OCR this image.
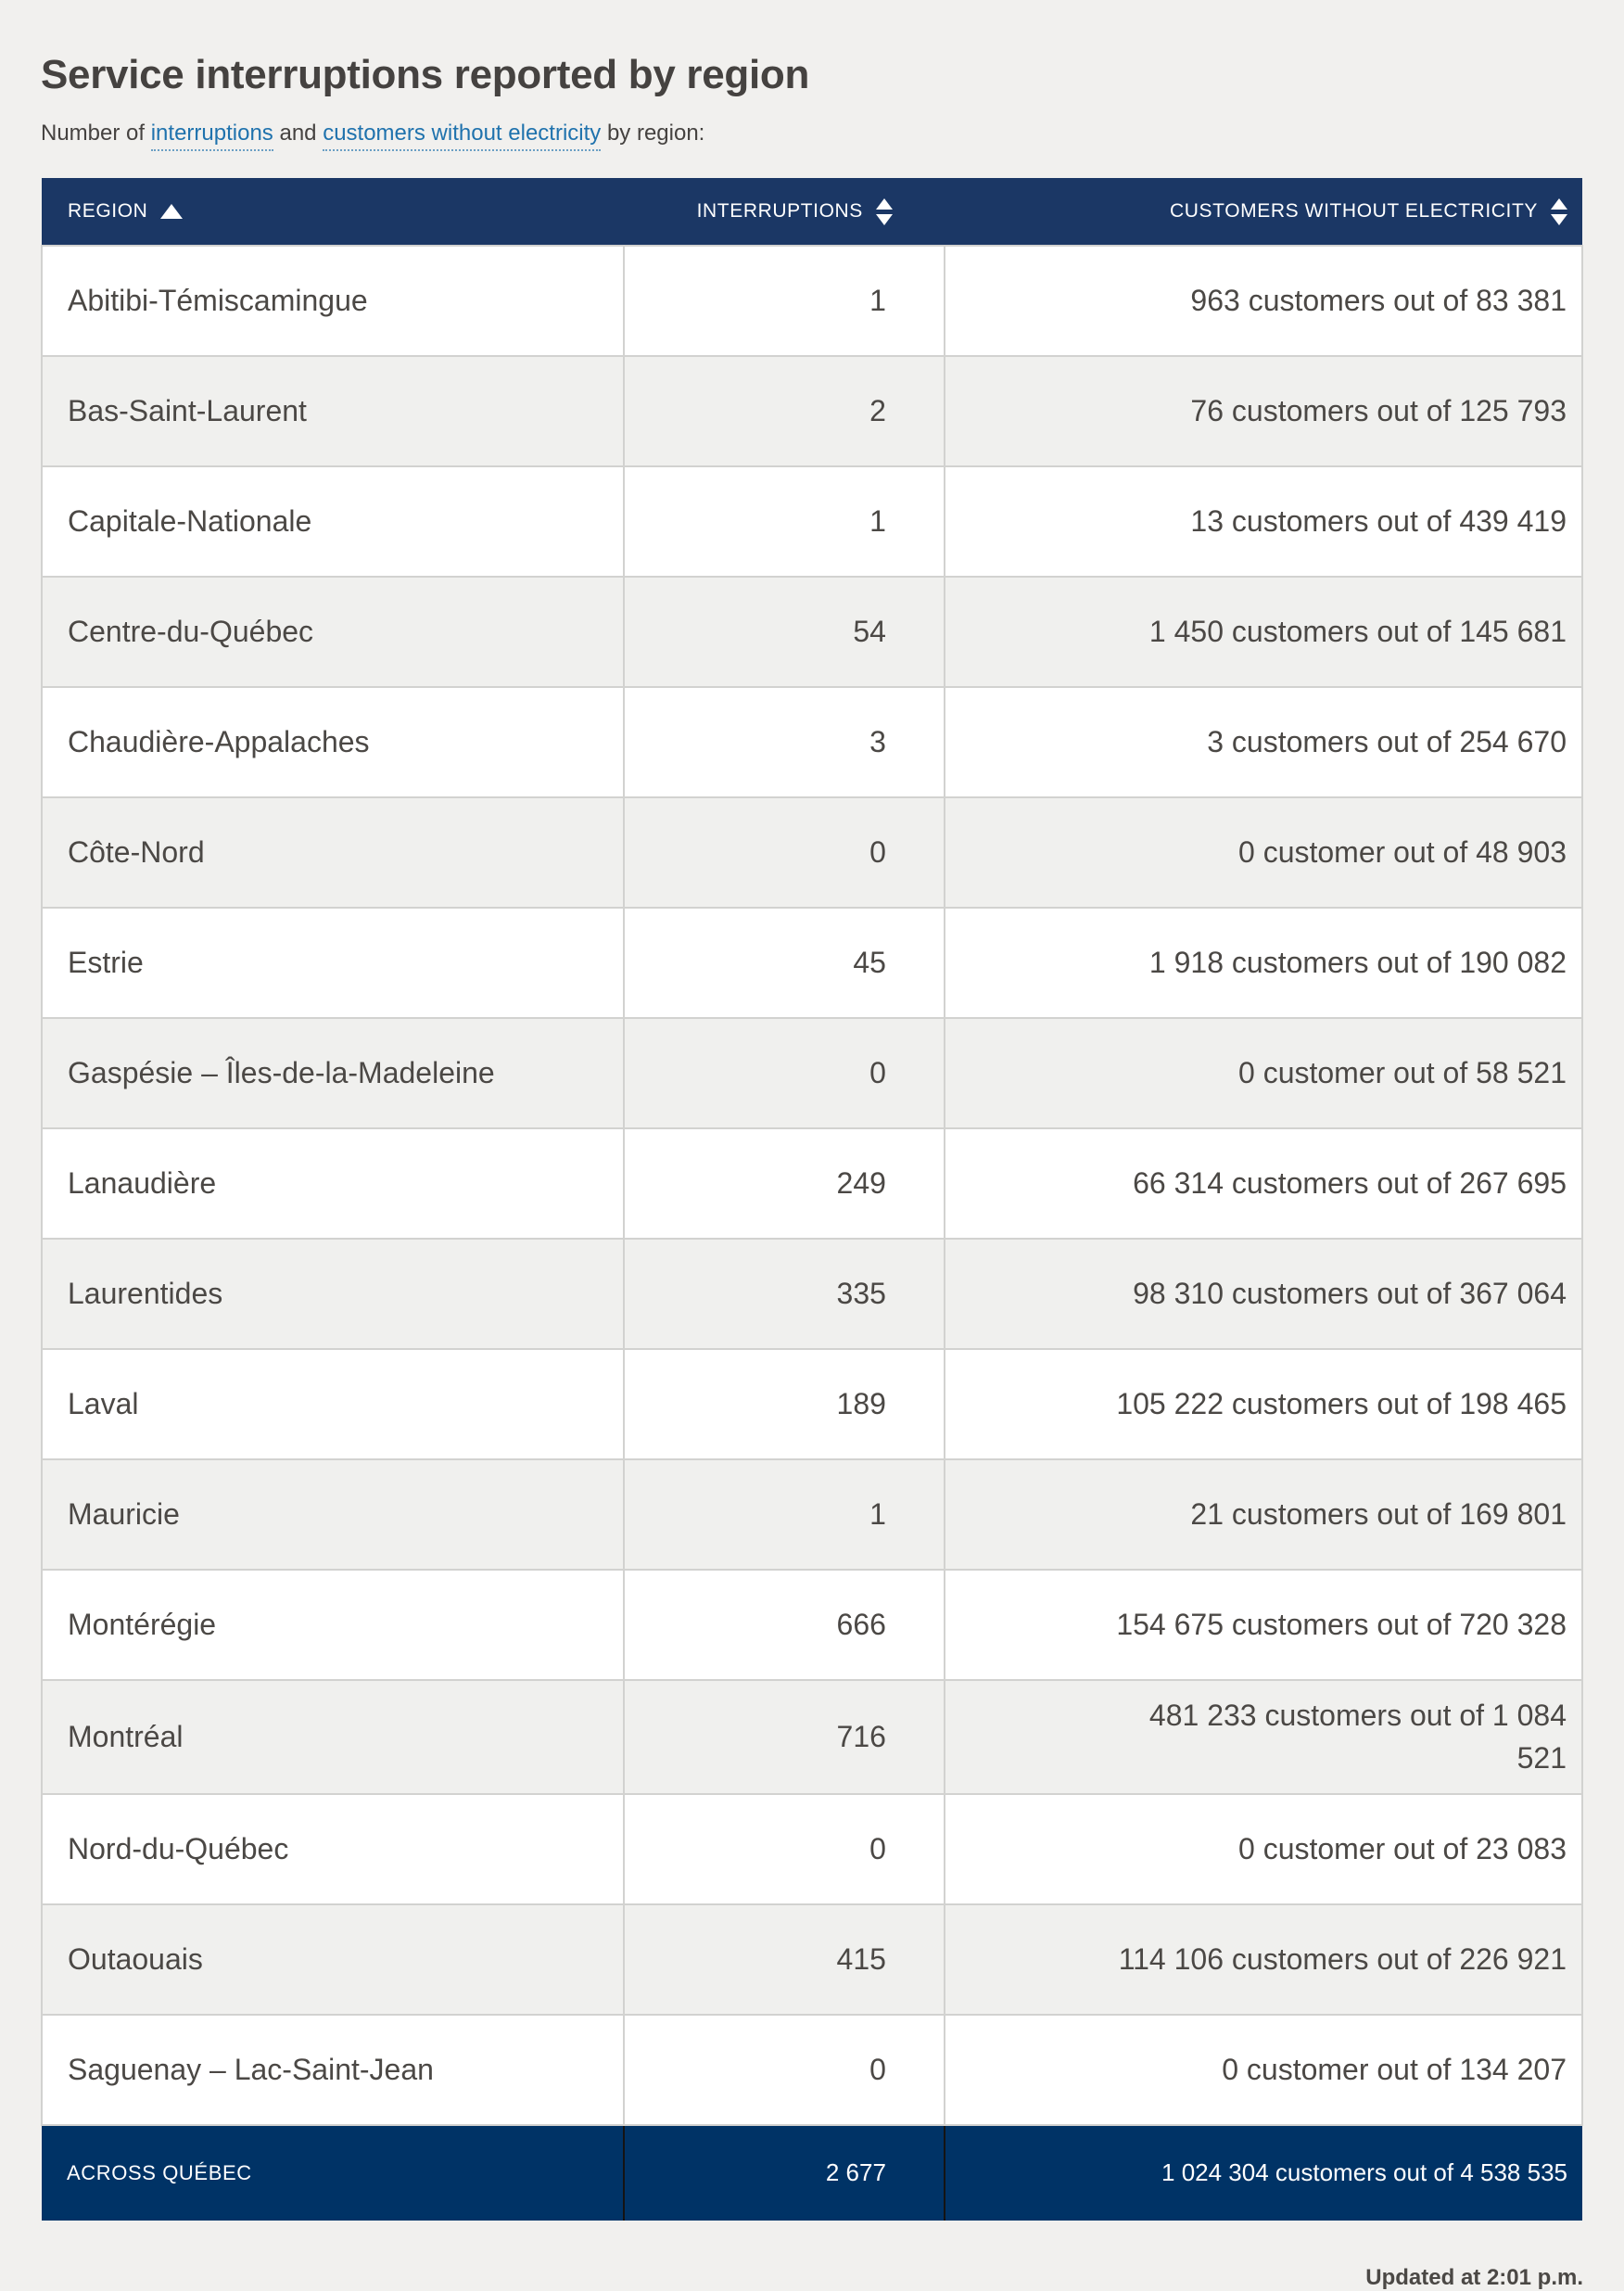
Service interruptions reported by region

Number of interruptions and customers without electricity by region:

REGION	INTERRUPTIONS	CUSTOMERS WITHOUT ELECTRICITY

Abitibi-Témiscamingue	1	963 customers out of 83 381
Bas-Saint-Laurent	2	76 customers out of 125 793
Capitale-Nationale	1	13 customers out of 439 419
Centre-du-Québec	54	1 450 customers out of 145 681
Chaudière-Appalaches	3	3 customers out of 254 670
Côte-Nord	0	0 customer out of 48 903
Estrie	45	1 918 customers out of 190 082
Gaspésie – Îles-de-la-Madeleine	0	0 customer out of 58 521
Lanaudière	249	66 314 customers out of 267 695
Laurentides	335	98 310 customers out of 367 064
Laval	189	105 222 customers out of 198 465
Mauricie	1	21 customers out of 169 801
Montérégie	666	154 675 customers out of 720 328
Montréal	716	481 233 customers out of 1 084 521
Nord-du-Québec	0	0 customer out of 23 083
Outaouais	415	114 106 customers out of 226 921
Saguenay – Lac-Saint-Jean	0	0 customer out of 134 207
ACROSS QUÉBEC	2 677	1 024 304 customers out of 4 538 535
Updated at 2:01 p.m.
